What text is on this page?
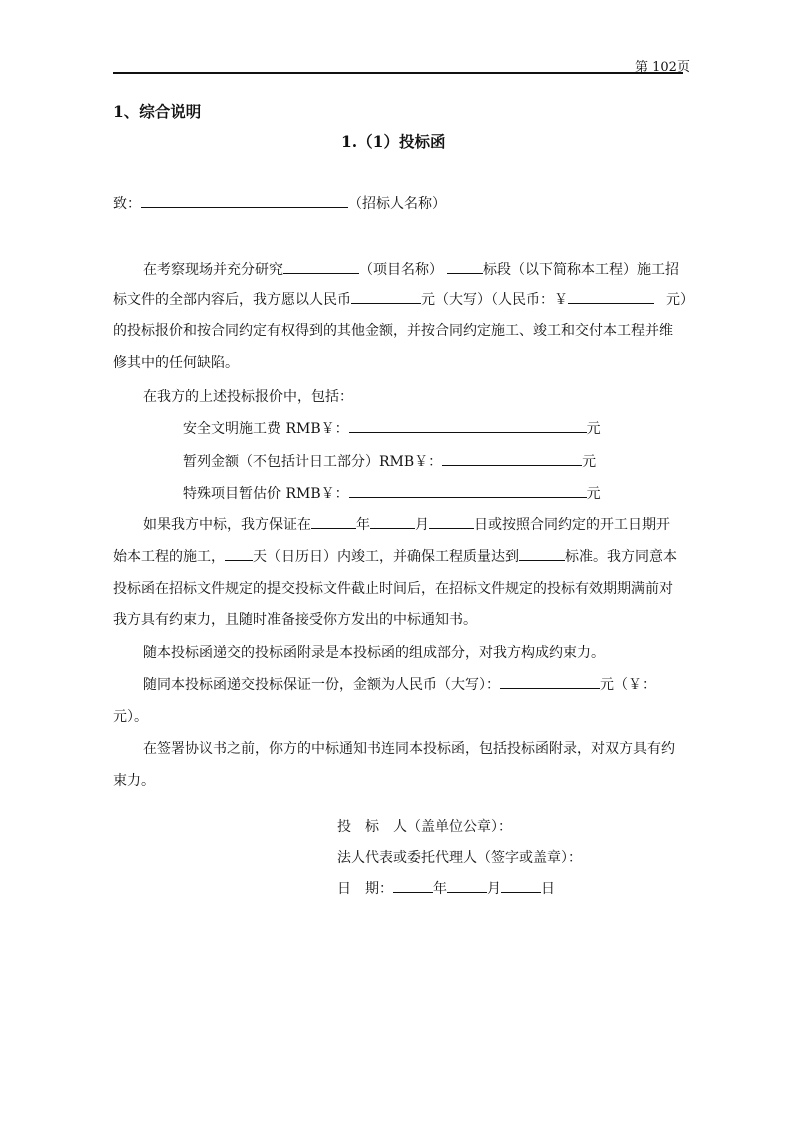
第 102页
1、综合说明
1.（1）投标函
致：	（招标人名称）
在考察现场并充分研究	（项目名称）	标段（以下简称本工程）施工招
标文件的全部内容后，我方愿以人民币	元（大写）（人民币：￥	元）
的投标报价和按合同约定有权得到的其他金额，并按合同约定施工、竣工和交付本工程并维
修其中的任何缺陷。
在我方的上述投标报价中，包括：
安全文明施工费 RMB￥：	元
暂列金额（不包括计日工部分）RMB￥：	元
特殊项目暂估价 RMB￥：	元
如果我方中标，我方保证在	年	月	日或按照合同约定的开工日期开
始本工程的施工， 天（日历日）内竣工，并确保工程质量达到	标准。我方同意本
投标函在招标文件规定的提交投标文件截止时间后，在招标文件规定的投标有效期期满前对
我方具有约束力，且随时准备接受你方发出的中标通知书。
随本投标函递交的投标函附录是本投标函的组成部分，对我方构成约束力。
随同本投标函递交投标保证一份，金额为人民币（大写）：	元（￥：
元）。
在签署协议书之前，你方的中标通知书连同本投标函，包括投标函附录，对双方具有约
束力。
投　标　人（盖单位公章）：
法人代表或委托代理人（签字或盖章）：
日　期：	年	月	日
